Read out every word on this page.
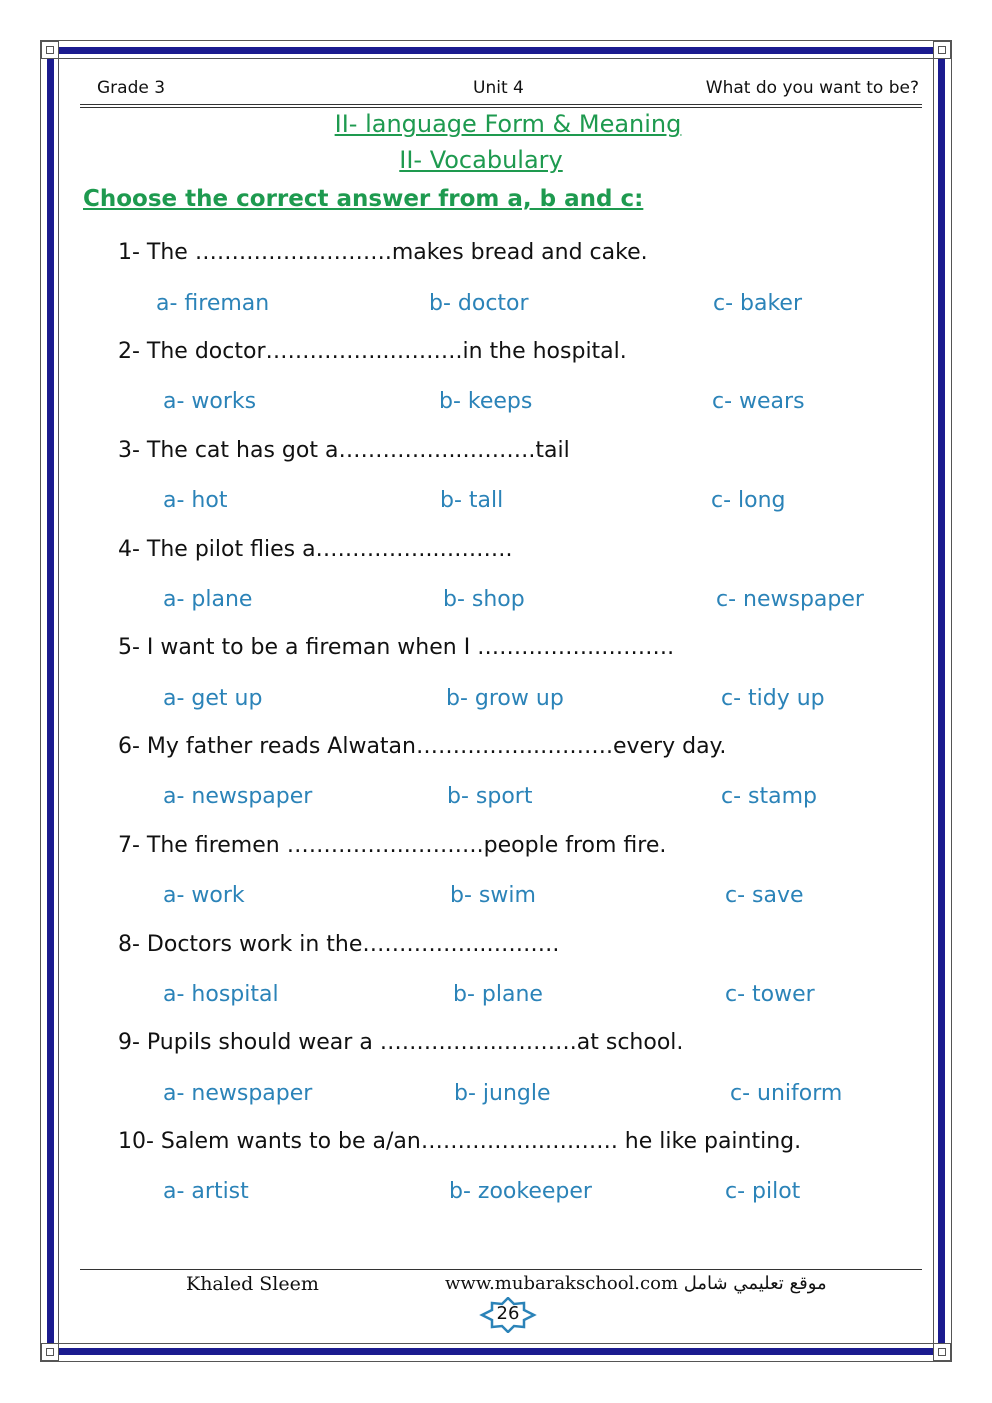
Grade 3	Unit 4	What do you want to be?
II- language Form & Meaning
II- Vocabulary
Choose the correct answer from a, b and c:
1- The ……………..……….makes bread and cake.
a- fireman	b- doctor	c- baker
2- The doctor……………..……….in the hospital.
a- works	b- keeps	c- wears
3- The cat has got a……………..……….tail
a- hot	b- tall	c- long
4- The pilot flies a……………..……….
a- plane	b- shop	c- newspaper
5- I want to be a fireman when I ……………..……….
a- get up	b- grow up	c- tidy up
6- My father reads Alwatan……………..……….every day.
a- newspaper	b- sport	c- stamp
7- The firemen ……………..……….people from fire.
a- work	b- swim	c- save
8- Doctors work in the……………..……….
a- hospital	b- plane	c- tower
9- Pupils should wear a ……………..……….at school.
a- newspaper	b- jungle	c- uniform
10- Salem wants to be a/an……………..………. he like painting.
a- artist	b- zookeeper	c- pilot
Khaled Sleem	www.mubarakschool.com موقع تعليمي شامل
26
